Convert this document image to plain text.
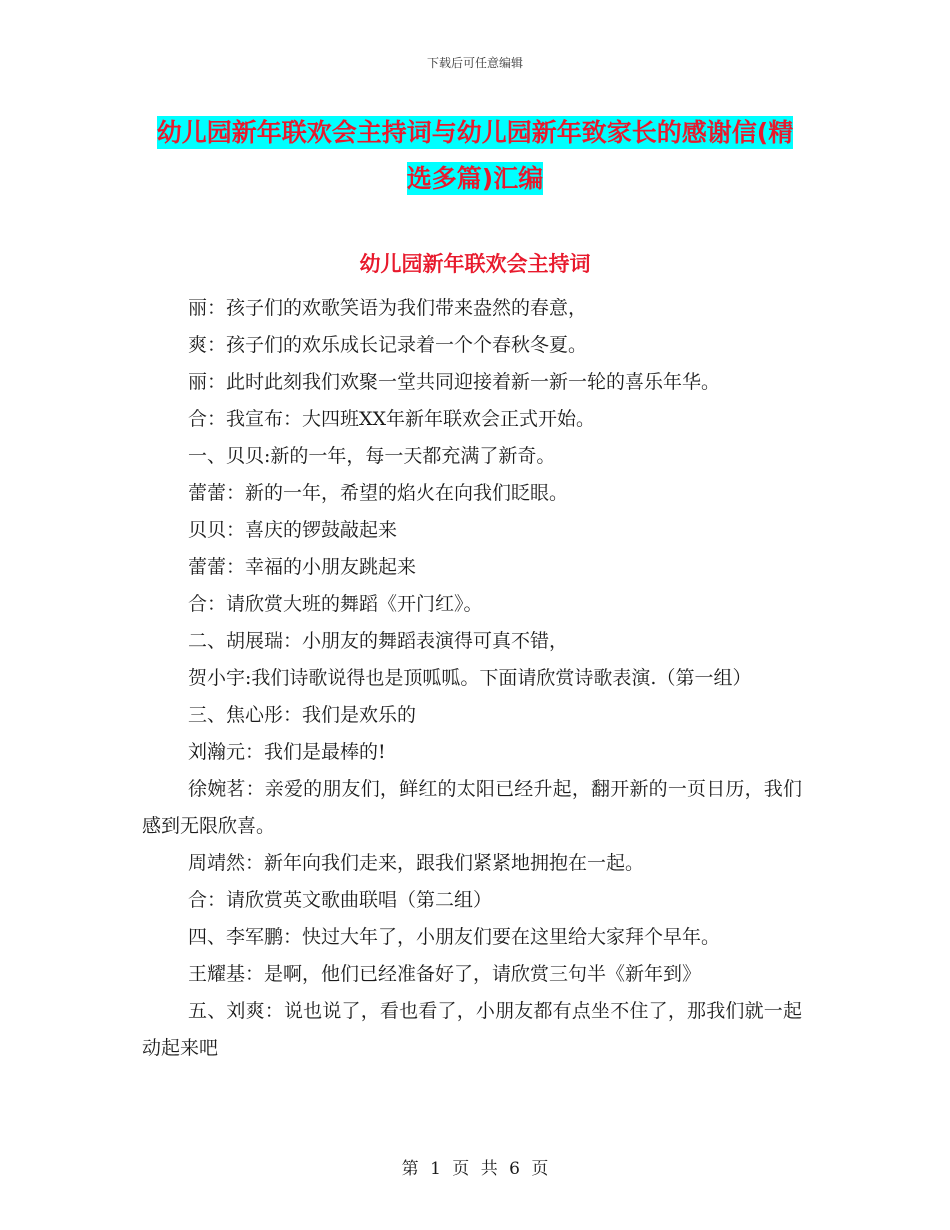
下载后可任意编辑
幼儿园新年联欢会主持词与幼儿园新年致家长的感谢信(精选多篇)汇编
幼儿园新年联欢会主持词

丽：孩子们的欢歌笑语为我们带来盎然的春意，

爽：孩子们的欢乐成长记录着一个个春秋冬夏。

丽：此时此刻我们欢聚一堂共同迎接着新一新一轮的喜乐年华。

合：我宣布：大四班XX年新年联欢会正式开始。

一、贝贝:新的一年，每一天都充满了新奇。

蕾蕾：新的一年，希望的焰火在向我们眨眼。

贝贝：喜庆的锣鼓敲起来

蕾蕾：幸福的小朋友跳起来

合：请欣赏大班的舞蹈《开门红》。

二、胡展瑞：小朋友的舞蹈表演得可真不错，

贺小宇:我们诗歌说得也是顶呱呱。下面请欣赏诗歌表演.（第一组）

三、焦心彤：我们是欢乐的

刘瀚元：我们是最棒的!

徐婉茗：亲爱的朋友们，鲜红的太阳已经升起，翻开新的一页日历，我们感到无限欣喜。

周靖然：新年向我们走来，跟我们紧紧地拥抱在一起。

合：请欣赏英文歌曲联唱（第二组）

四、李军鹏：快过大年了，小朋友们要在这里给大家拜个早年。

王耀基：是啊，他们已经准备好了，请欣赏三句半《新年到》

五、刘爽：说也说了，看也看了，小朋友都有点坐不住了，那我们就一起动起来吧

第 1 页 共 6 页
